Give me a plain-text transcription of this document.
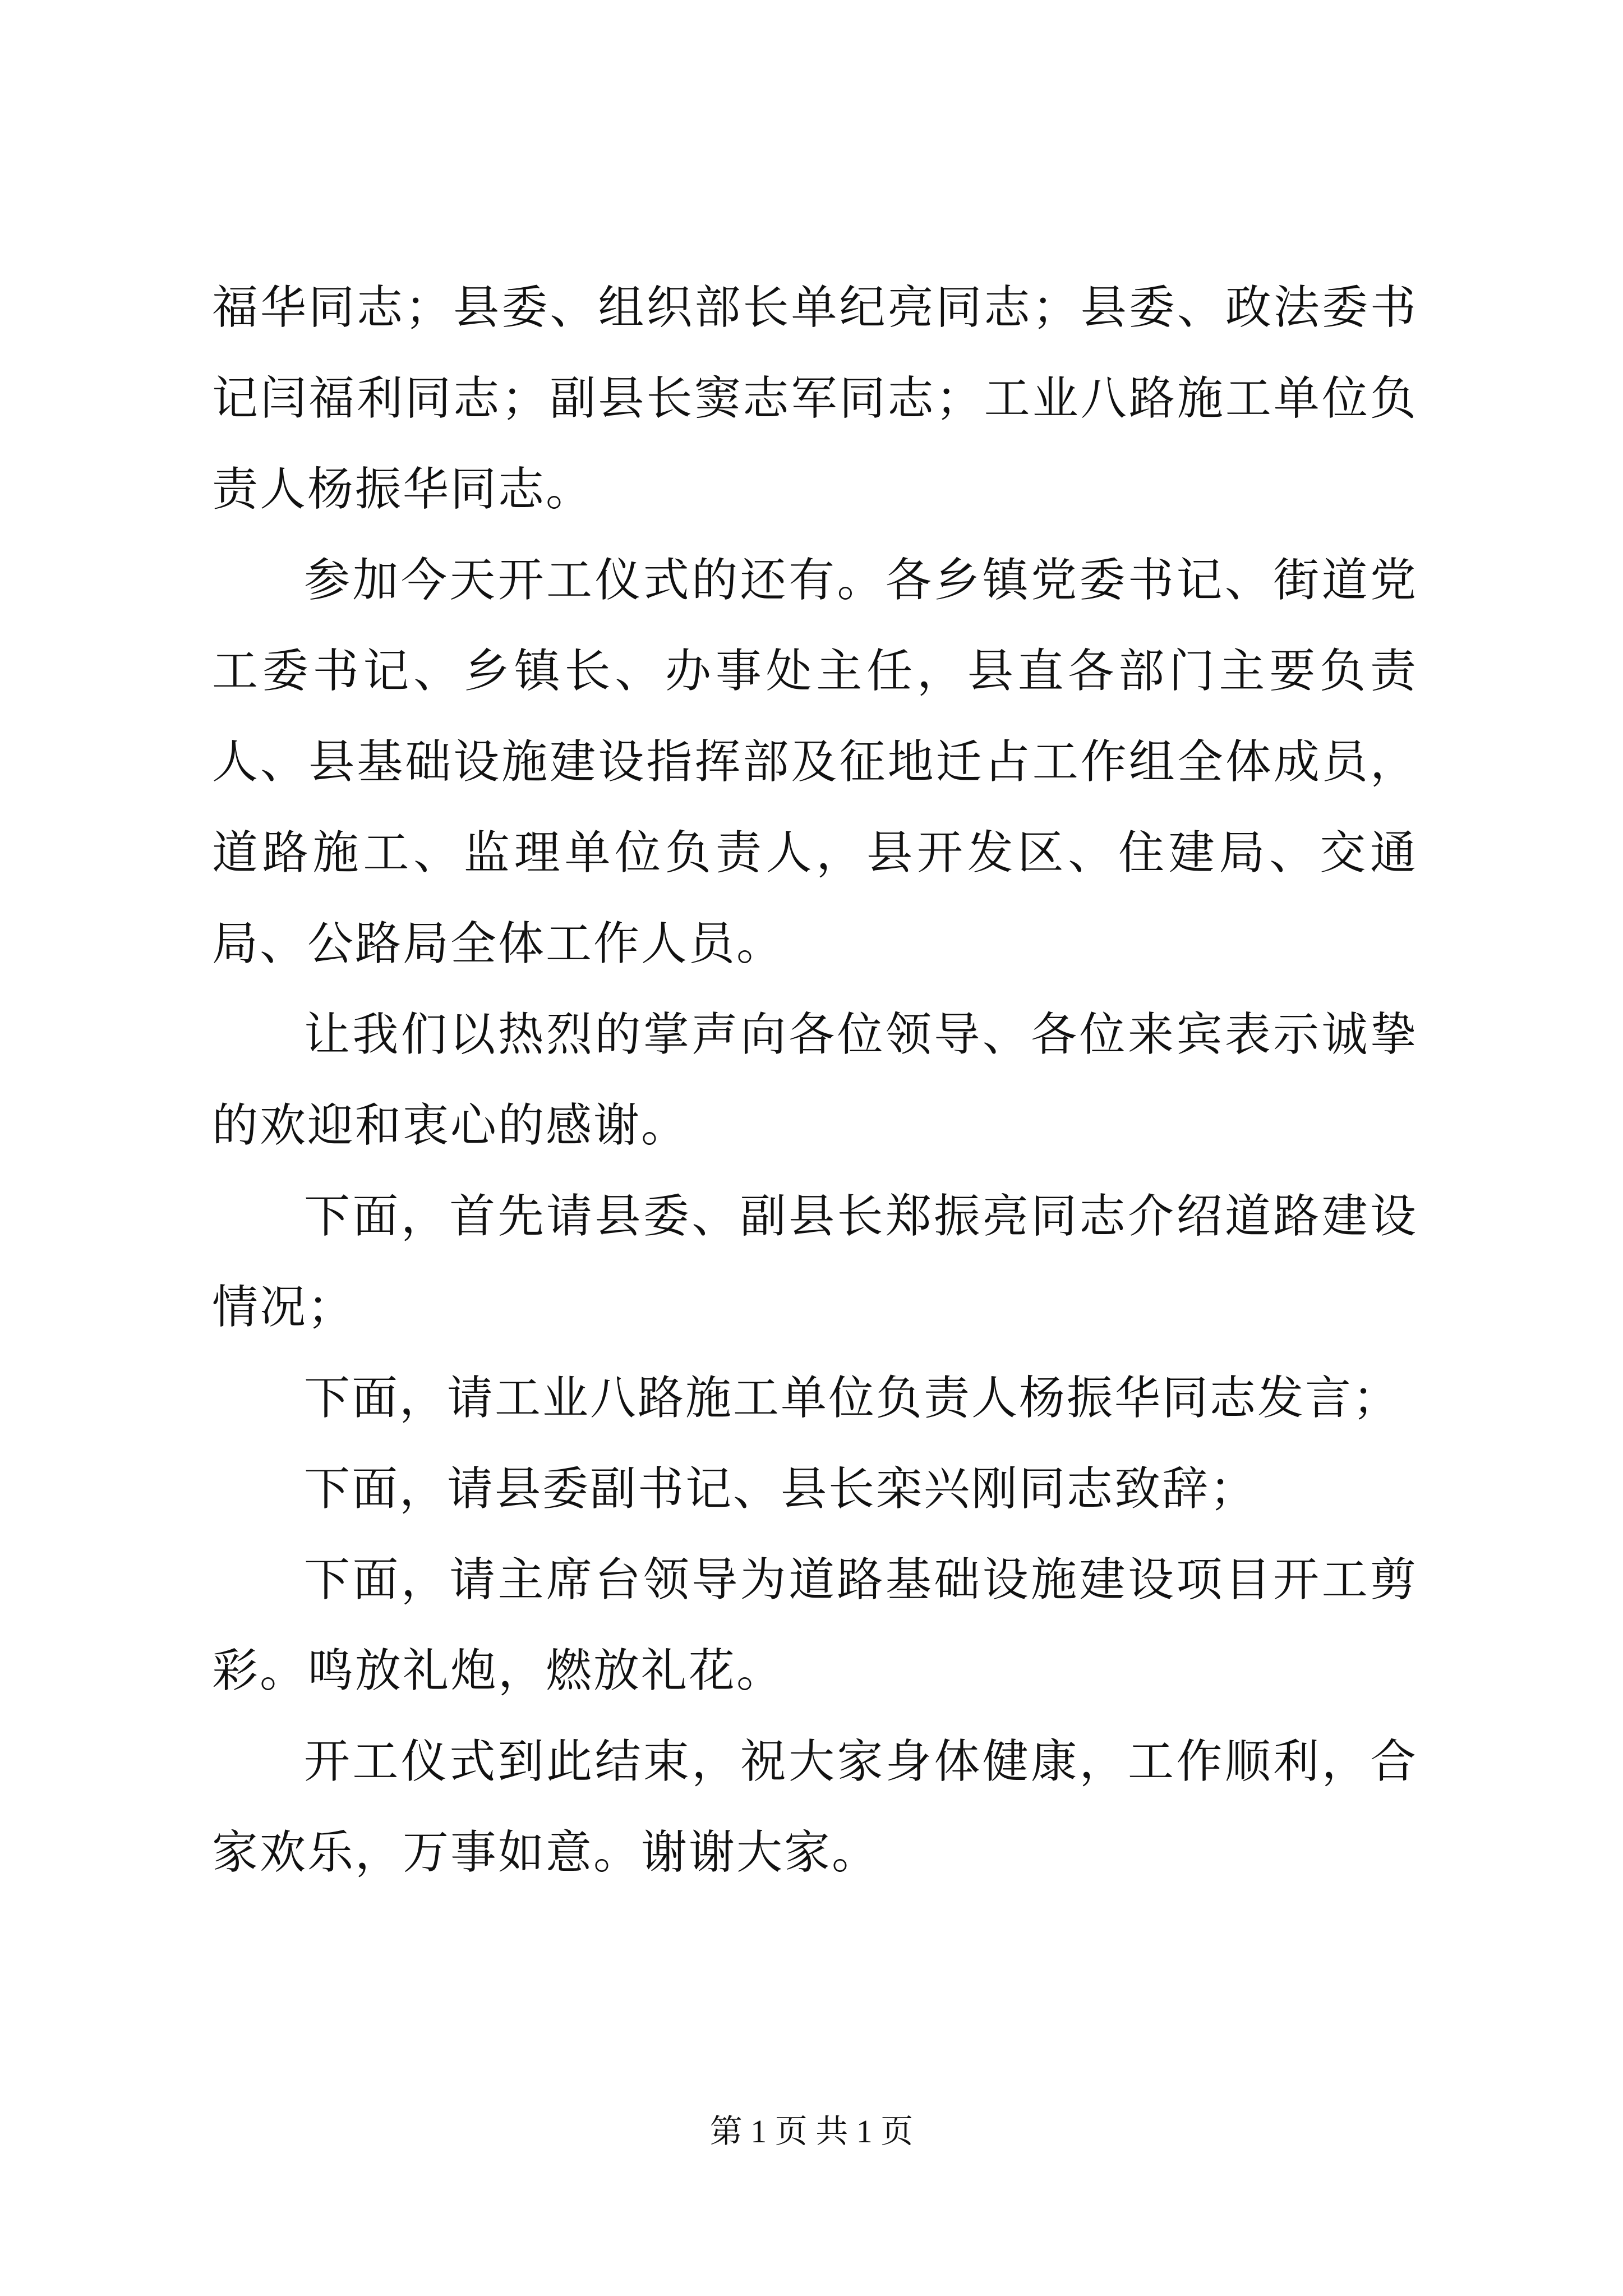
福华同志；县委、组织部长单纪亮同志；县委、政法委书记闫福利同志；副县长窦志军同志；工业八路施工单位负责人杨振华同志。

参加今天开工仪式的还有。各乡镇党委书记、街道党工委书记、乡镇长、办事处主任，县直各部门主要负责人、县基础设施建设指挥部及征地迁占工作组全体成员，道路施工、监理单位负责人，县开发区、住建局、交通局、公路局全体工作人员。

让我们以热烈的掌声向各位领导、各位来宾表示诚挚的欢迎和衷心的感谢。

下面，首先请县委、副县长郑振亮同志介绍道路建设情况；

下面，请工业八路施工单位负责人杨振华同志发言；

下面，请县委副书记、县长栾兴刚同志致辞；

下面，请主席台领导为道路基础设施建设项目开工剪彩。鸣放礼炮，燃放礼花。

开工仪式到此结束，祝大家身体健康，工作顺利，合家欢乐，万事如意。谢谢大家。

第 1 页 共 1 页
